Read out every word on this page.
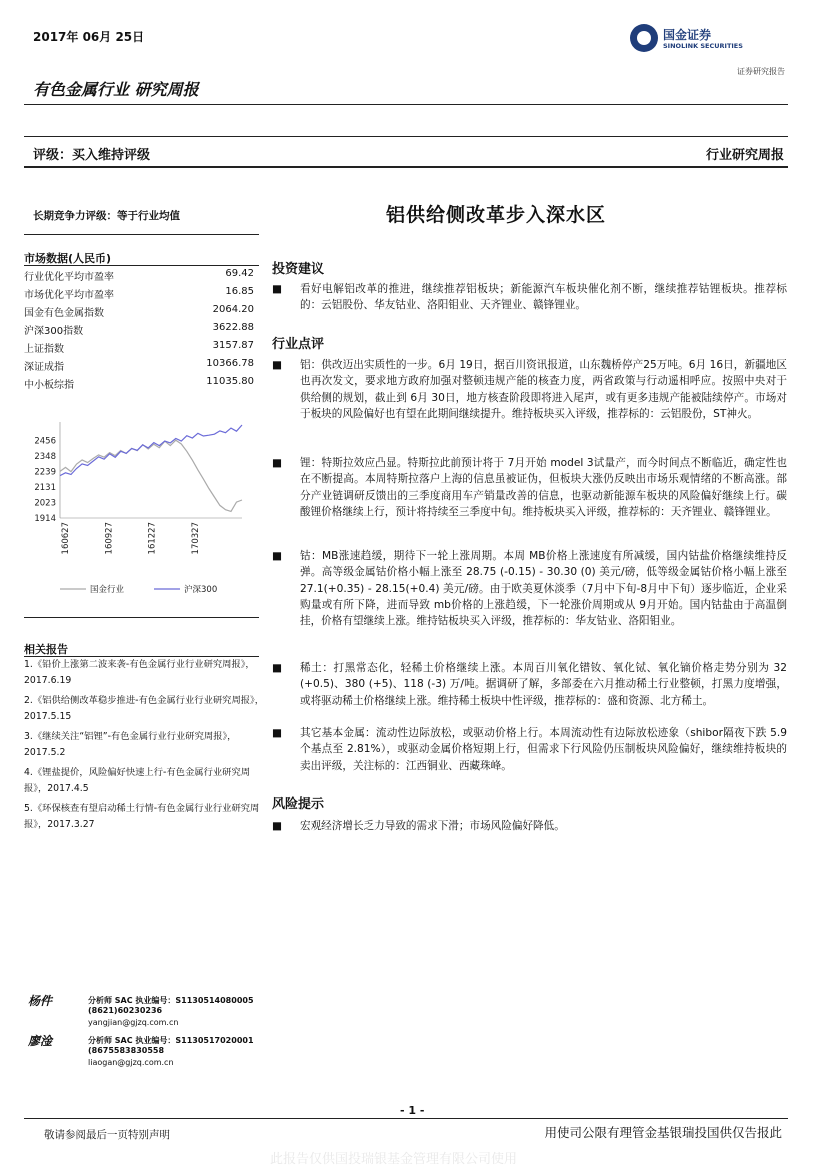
2017年 06月 25日	国金证券
SINOLINK SECURITIES
证券研究报告
有色金属行业 研究周报
评级：买入维持评级	行业研究周报
长期竞争力评级：等于行业均值
市场数据(人民币)
行业优化平均市盈率	69.42
市场优化平均市盈率	16.85
国金有色金属指数	2064.20
沪深300指数	3622.88
上证指数	3157.87
深证成指	10366.78
中小板综指	11035.80
2456
2348
2239
2131
2023
1914
160627	160927	161227	170327
国金行业	沪深300
相关报告
1.《铅价上涨第二波来袭-有色金属行业行业研究周报》，2017.6.19
2.《铝供给侧改革稳步推进-有色金属行业行业研究周报》，2017.5.15
3.《继续关注“铝锂”-有色金属行业行业研究周报》，2017.5.2
4.《锂盐提价，风险偏好快速上行-有色金属行业研究周报》，2017.4.5
5.《环保核查有望启动稀土行情-有色金属行业行业研究周报》，2017.3.27
铝供给侧改革步入深水区
投资建议
■	看好电解铝改革的推进，继续推荐铝板块；新能源汽车板块催化剂不断，继续推荐钴锂板块。推荐标的：云铝股份、华友钴业、洛阳钼业、天齐锂业、赣锋锂业。
行业点评
■	铝：供改迈出实质性的一步。6月 19日，据百川资讯报道，山东魏桥停产25万吨。6月 16日，新疆地区也再次发文，要求地方政府加强对整顿违规产能的核查力度，两省政策与行动遥相呼应。按照中央对于供给侧的规划，截止到 6月 30日，地方核查阶段即将进入尾声，或有更多违规产能被陆续停产。市场对于板块的风险偏好也有望在此期间继续提升。维持板块买入评级，推荐标的：云铝股份，ST神火。
■	锂：特斯拉效应凸显。特斯拉此前预计将于 7月开始 model 3试量产，而今时间点不断临近，确定性也在不断提高。本周特斯拉落户上海的信息虽被证伪，但板块大涨仍反映出市场乐观情绪的不断高涨。部分产业链调研反馈出的三季度商用车产销量改善的信息，也驱动新能源车板块的风险偏好继续上行。碳酸锂价格继续上行，预计将持续至三季度中旬。维持板块买入评级，推荐标的：天齐锂业、赣锋锂业。
■	钴：MB涨速趋缓，期待下一轮上涨周期。本周 MB价格上涨速度有所减缓，国内钴盐价格继续维持反弹。高等级金属钴价格小幅上涨至 28.75 (-0.15) - 30.30 (0) 美元/磅，低等级金属钴价格小幅上涨至 27.1(+0.35) - 28.15(+0.4) 美元/磅。由于欧美夏休淡季（7月中下旬-8月中下旬）逐步临近，企业采购量或有所下降，进而导致 mb价格的上涨趋缓，下一轮涨价周期或从 9月开始。国内钴盐由于高温倒挂，价格有望继续上涨。维持钴板块买入评级，推荐标的：华友钴业、洛阳钼业。
■	稀土：打黑常态化，轻稀土价格继续上涨。本周百川氧化镨钕、氧化铽、氧化镝价格走势分别为 32 (+0.5)、380 (+5)、118 (-3) 万/吨。据调研了解，多部委在六月推动稀土行业整顿，打黑力度增强，或将驱动稀土价格继续上涨。维持稀土板块中性评级，推荐标的：盛和资源、北方稀土。
■	其它基本金属：流动性边际放松，或驱动价格上行。本周流动性有边际放松迹象（shibor隔夜下跌 5.9个基点至 2.81%），或驱动金属价格短期上行，但需求下行风险仍压制板块风险偏好，继续维持板块的卖出评级，关注标的：江西铜业、西藏珠峰。
风险提示
■	宏观经济增长乏力导致的需求下滑；市场风险偏好降低。
杨件	分析师 SAC 执业编号：S1130514080005
(8621)60230236
yangjian@gjzq.com.cn
廖淦	分析师 SAC 执业编号：S1130517020001
(8675583830558
liaogan@gjzq.com.cn
- 1 -
敬请参阅最后一页特别声明	用使司公限有理管金基银瑞投国供仅告报此
此报告仅供国投瑞银基金管理有限公司使用
